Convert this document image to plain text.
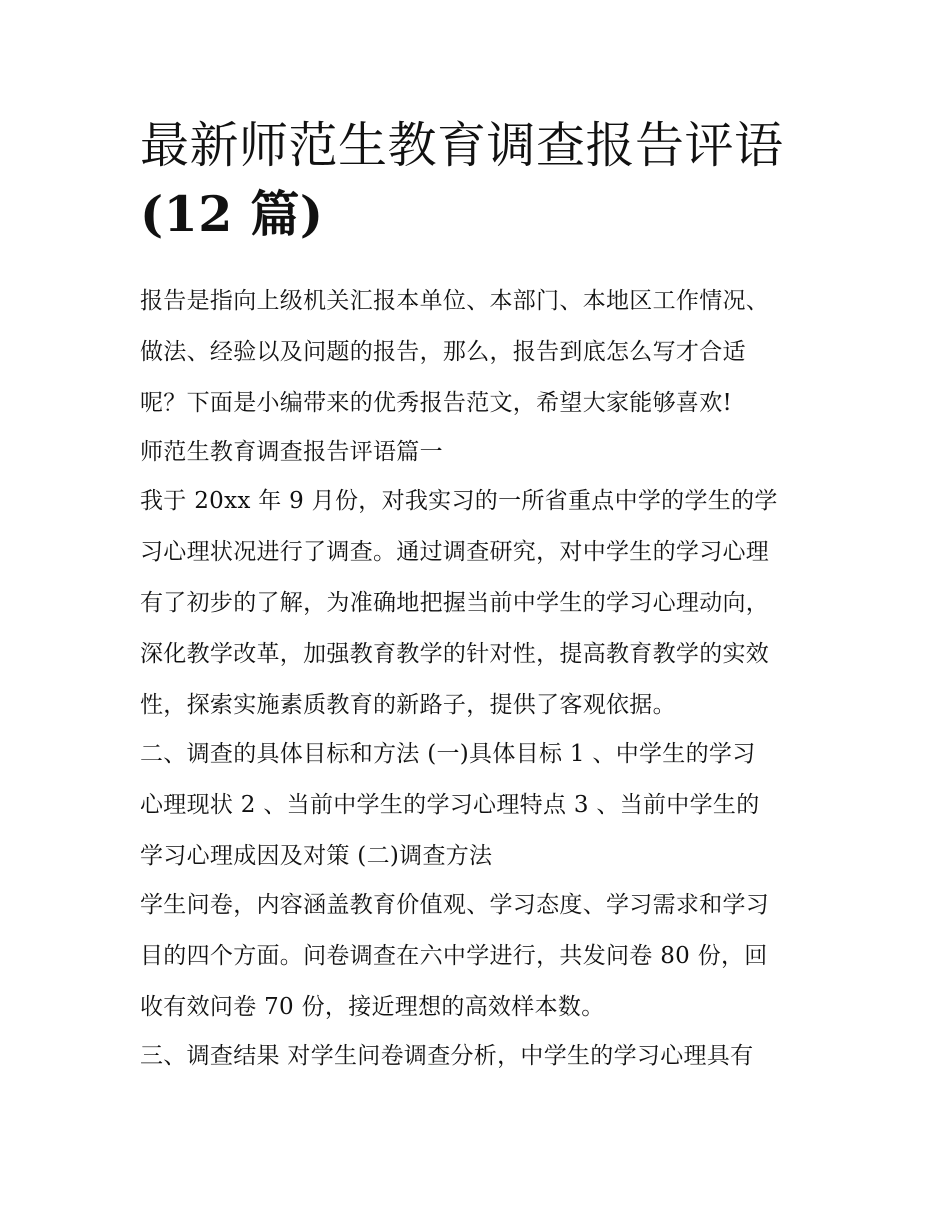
最新师范生教育调查报告评语
(12 篇)
报告是指向上级机关汇报本单位、本部门、本地区工作情况、
做法、经验以及问题的报告，那么，报告到底怎么写才合适
呢？下面是小编带来的优秀报告范文，希望大家能够喜欢!
师范生教育调查报告评语篇一
我于 20xx 年 9 月份，对我实习的一所省重点中学的学生的学
习心理状况进行了调查。通过调查研究，对中学生的学习心理
有了初步的了解，为准确地把握当前中学生的学习心理动向，
深化教学改革，加强教育教学的针对性，提高教育教学的实效
性，探索实施素质教育的新路子，提供了客观依据。
二、调查的具体目标和方法 (一)具体目标 1 、中学生的学习
心理现状 2 、当前中学生的学习心理特点 3 、当前中学生的
学习心理成因及对策 (二)调查方法
学生问卷，内容涵盖教育价值观、学习态度、学习需求和学习
目的四个方面。问卷调查在六中学进行，共发问卷 80 份，回
收有效问卷 70 份，接近理想的高效样本数。
三、调查结果 对学生问卷调查分析，中学生的学习心理具有
